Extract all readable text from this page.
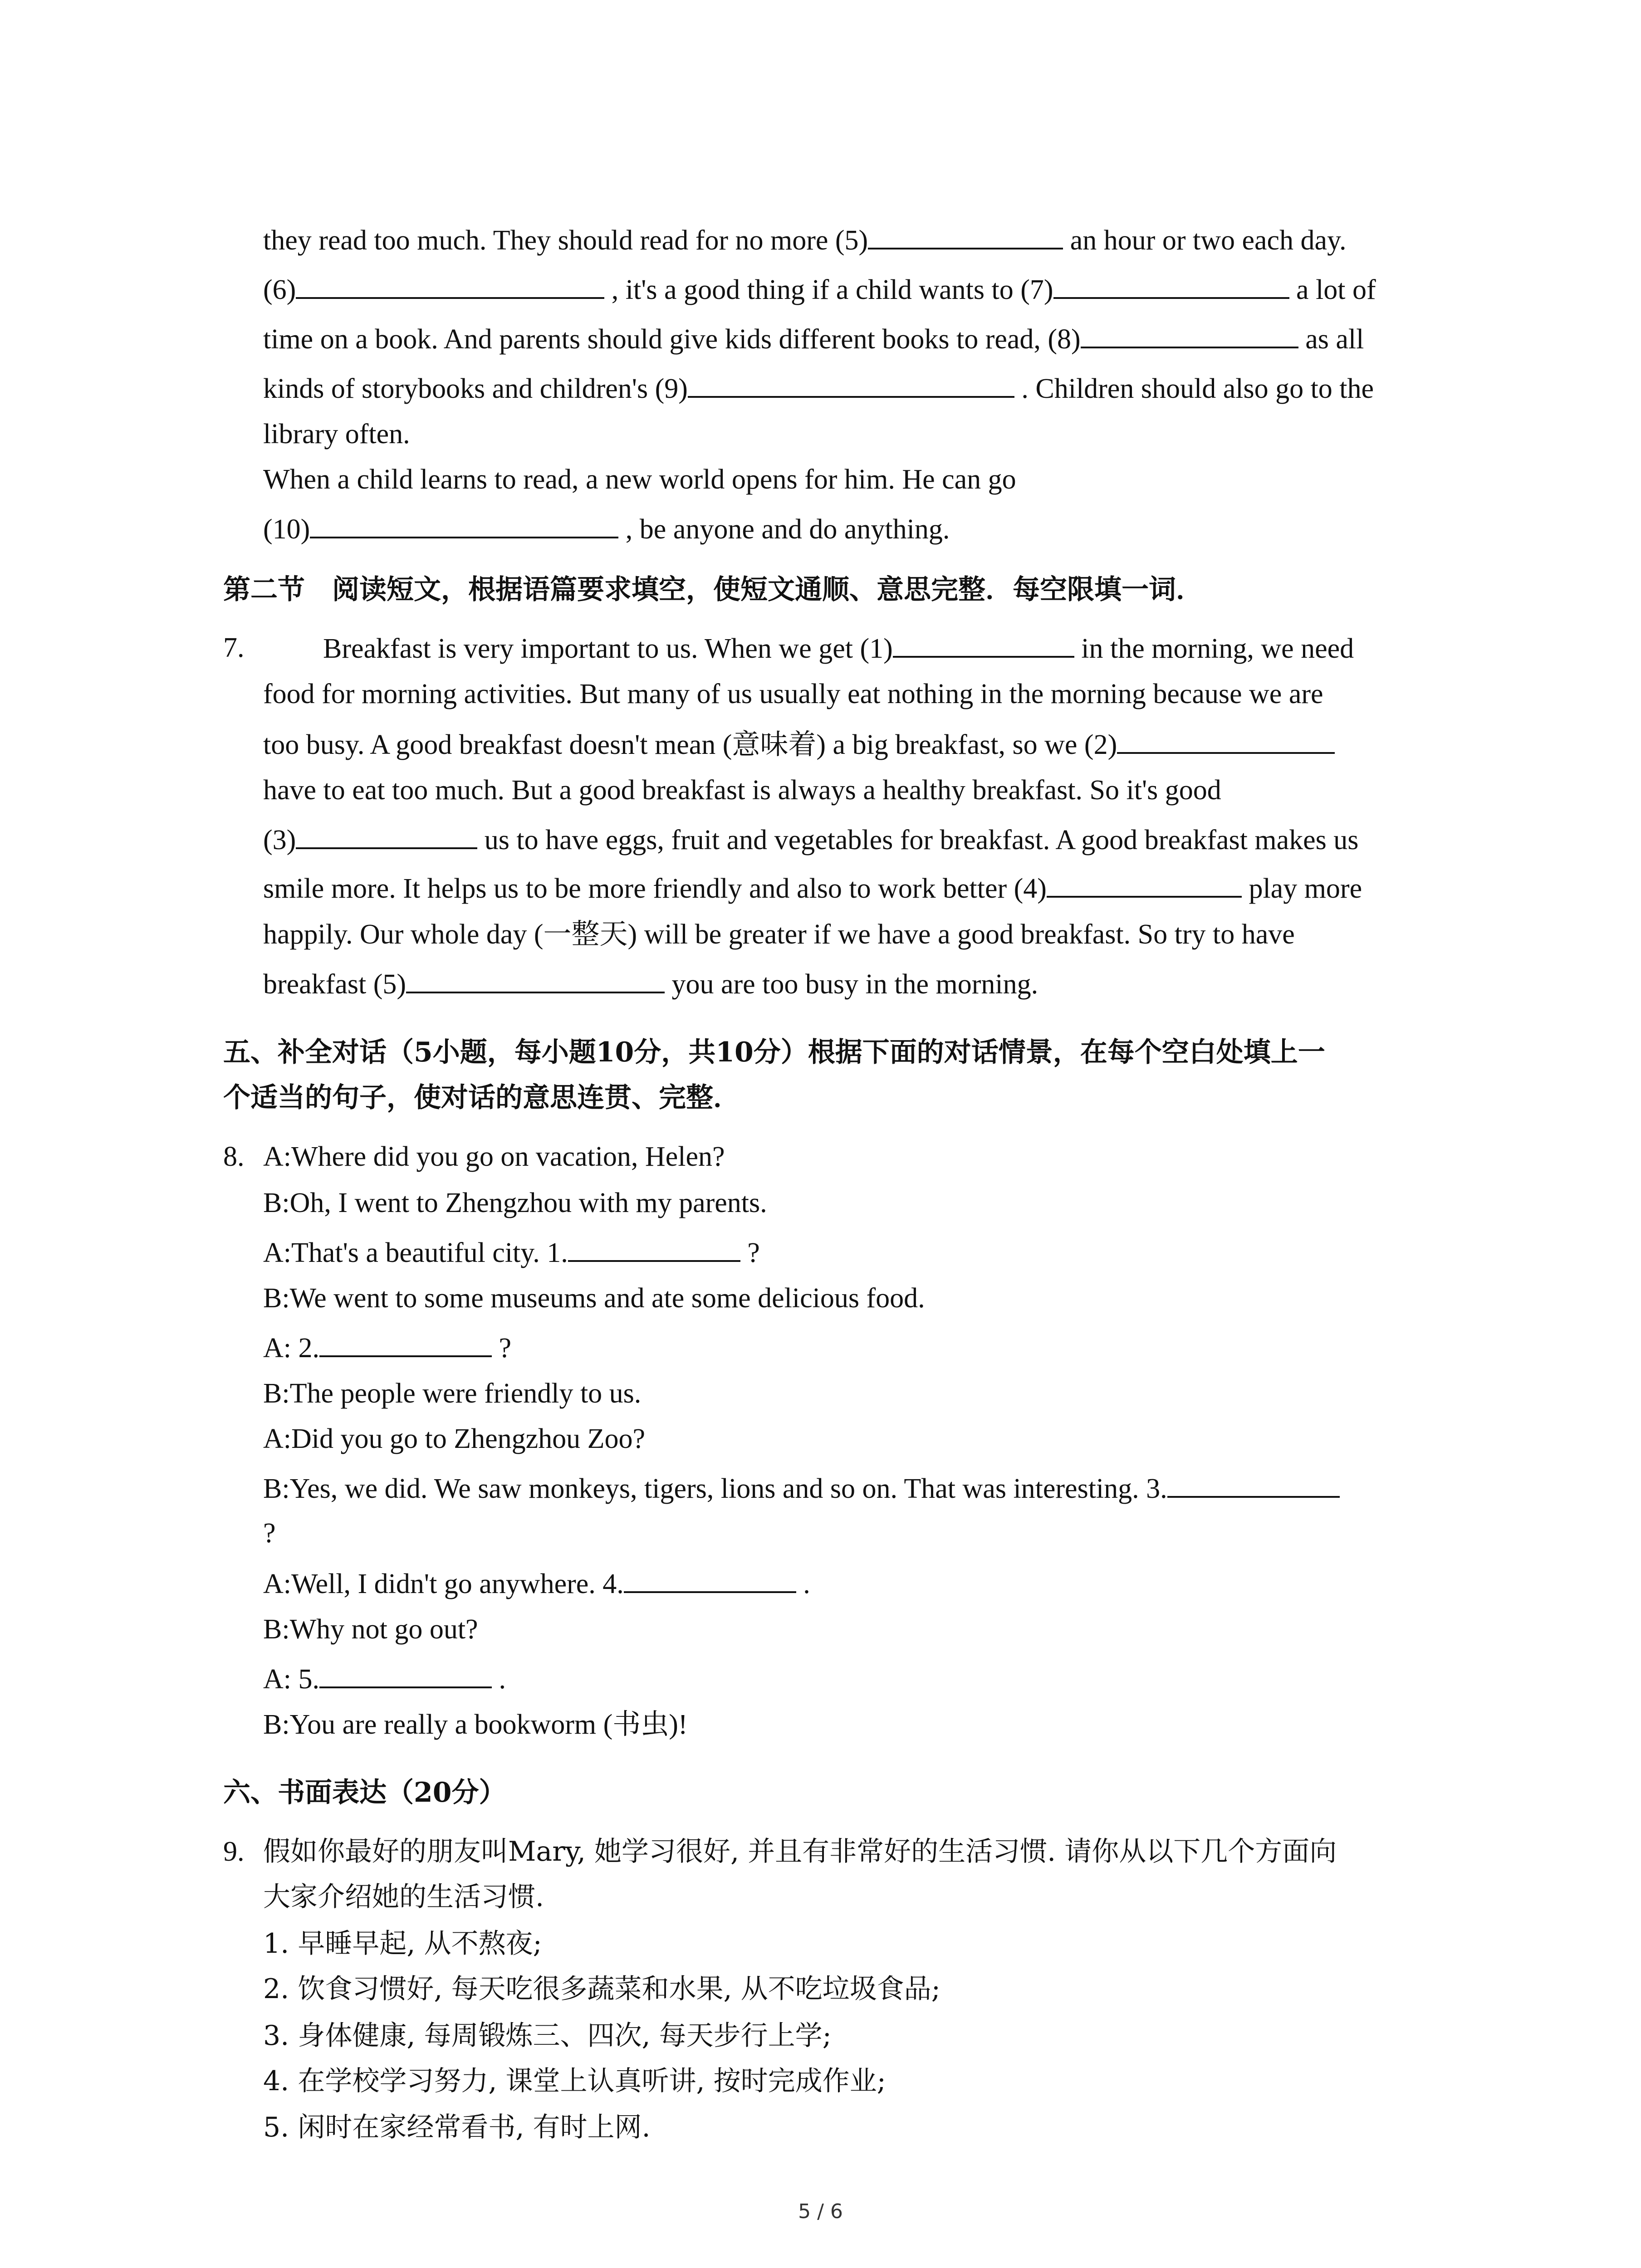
they read too much. They should read for no more (5)	an hour or two each day.
(6)	, it's a good thing if a child wants to (7)	a lot of
time on a book. And parents should give kids different books to read, (8)	as all
kinds of storybooks and children's (9)	. Children should also go to the
library often.
When a child learns to read, a new world opens for him. He can go
(10)	, be anyone and do anything.
第二节　阅读短文，根据语篇要求填空，使短文通顺、意思完整．每空限填一词．
7.	Breakfast is very important to us. When we get (1)	in the morning, we need
food for morning activities. But many of us usually eat nothing in the morning because we are
too busy. A good breakfast doesn't mean (意味着) a big breakfast, so we (2)
have to eat too much. But a good breakfast is always a healthy breakfast. So it's good
(3)	us to have eggs, fruit and vegetables for breakfast. A good breakfast makes us
smile more. It helps us to be more friendly and also to work better (4)	play more
happily. Our whole day (一整天) will be greater if we have a good breakfast. So try to have
breakfast (5)	you are too busy in the morning.
五、补全对话（5小题，每小题10分，共10分）根据下面的对话情景，在每个空白处填上一
个适当的句子，使对话的意思连贯、完整．
8. A:Where did you go on vacation, Helen?
B:Oh, I went to Zhengzhou with my parents.
A:That's a beautiful city. 1.	?
B:We went to some museums and ate some delicious food.
A: 2.	?
B:The people were friendly to us.
A:Did you go to Zhengzhou Zoo?
B:Yes, we did. We saw monkeys, tigers, lions and so on. That was interesting. 3.
?
A:Well, I didn't go anywhere. 4.	.
B:Why not go out?
A: 5.	.
B:You are really a bookworm (书虫)!
六、书面表达（20分）
9. 假如你最好的朋友叫Mary, 她学习很好, 并且有非常好的生活习惯. 请你从以下几个方面向
大家介绍她的生活习惯.
1. 早睡早起, 从不熬夜;
2. 饮食习惯好, 每天吃很多蔬菜和水果, 从不吃垃圾食品;
3. 身体健康, 每周锻炼三、四次, 每天步行上学;
4. 在学校学习努力, 课堂上认真听讲, 按时完成作业;
5. 闲时在家经常看书, 有时上网.
5 / 6
